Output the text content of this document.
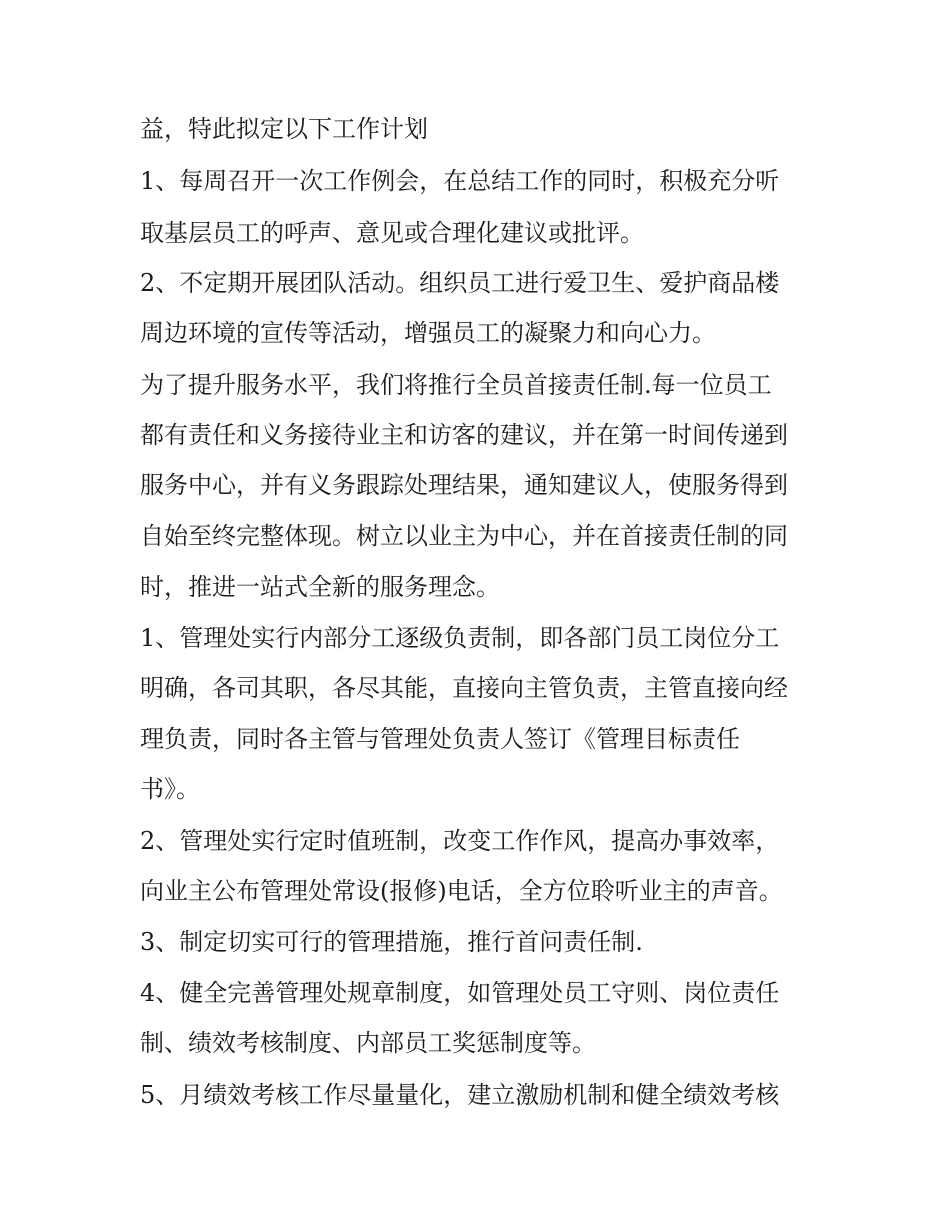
益，特此拟定以下工作计划
1、每周召开一次工作例会，在总结工作的同时，积极充分听
取基层员工的呼声、意见或合理化建议或批评。
2、不定期开展团队活动。组织员工进行爱卫生、爱护商品楼
周边环境的宣传等活动，增强员工的凝聚力和向心力。
为了提升服务水平，我们将推行全员首接责任制.每一位员工
都有责任和义务接待业主和访客的建议，并在第一时间传递到
服务中心，并有义务跟踪处理结果，通知建议人，使服务得到
自始至终完整体现。树立以业主为中心，并在首接责任制的同
时，推进一站式全新的服务理念。
1、管理处实行内部分工逐级负责制，即各部门员工岗位分工
明确，各司其职，各尽其能，直接向主管负责，主管直接向经
理负责，同时各主管与管理处负责人签订《管理目标责任
书》。
2、管理处实行定时值班制，改变工作作风，提高办事效率，
向业主公布管理处常设(报修)电话，全方位聆听业主的声音。
3、制定切实可行的管理措施，推行首问责任制.
4、健全完善管理处规章制度，如管理处员工守则、岗位责任
制、绩效考核制度、内部员工奖惩制度等。
5、月绩效考核工作尽量量化，建立激励机制和健全绩效考核
